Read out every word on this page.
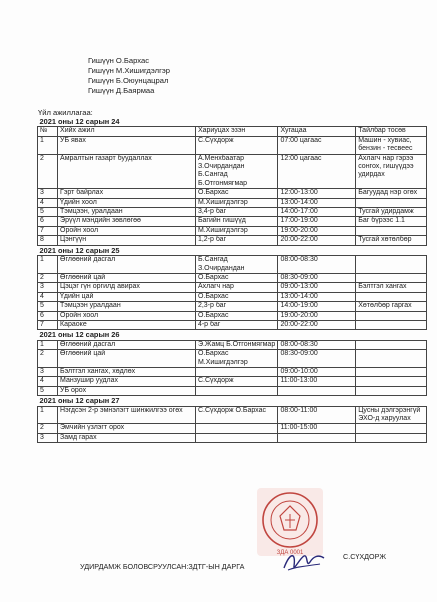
Гишүүн О.Бархас
Гишүүн М.Хишигдэлгэр
Гишүүн Б.Оюунцацрал
Гишүүн Д.Баярмаа
Үйл ажиллагаа:
2021 оны 12 сарын 24				
№	Хийх ажил	Хариуцах эзэн	Хугацаа	Тайлбар тосөв
1	УБ явах	С.Сүхдорж	07:00 цагаас	Машин - хувиас, бензин - тесвеес
2	Амралтын газарт буудаллах	А.Менхбаатар З.Очирдандан Б.Сангад Б.Отгонмягмар	12:00 цагаас	Ахлагч нар гэрээ сонгох, гишүүдээ удирдах
3	Гэрт байрлах	О.Бархас	12:00-13:00	Багуудад нэр огөх
4	Үдийн хоол	М.Хишигдэлгэр	13:00-14:00	
5	Тэмцээн, уралдаан	3,4-р баг	14:00-17:00	Тусгай удирдамж
6	Эрүүл мэндийн зөвлөгөө	Багийн гишүүд	17:00-19:00	Баг бүрээс 1.1
7	Оройн хоол	М.Хишигдэлгэр	19:00-20:00	
8	Цэнгүүн	1,2-р баг	20:00-22:00	Тусгай хөтөлбөр
2021 оны 12 сарын 25				
1	Өглөөний дасгал	Б.Сангад З.Очирдандан	08:00-08:30	
2	Өглөөний цай	О.Бархас	08:30-09:00	
3	Цэцэг гүн оргилд авирах	Ахлагч нар	09:00-13:00	Бэлтгэл хангах
4	Үдийн цай	О.Бархас	13:00-14:00	
5	Тэмцээн уралдаан	2,3-р баг	14:00-19:00	Хөтөлбөр гаргах
6	Оройн хоол	О.Бархас	19:00-20:00	
7	Караоке	4-р баг	20:00-22:00	
2021 оны 12 сарын 26				
1	Өглөөний дасгал	Э.Жамц Б.Отгонмягмар	08:00-08:30	
2	Өглөөний цай	О.Бархас М.Хишигдэлгэр	08:30-09:00	
3	Бэлтгэл хангах, хөдлөх		09:00-10:00	
4	Манзушир уудлах	С.Сүхдорж	11:00-13:00	
5	УБ орох			
2021 оны 12 сарын 27				
1	Нэгдсэн 2-р эмнэлэгт шинжилгээ огөх	С.Сүхдорж О.Бархас	08:00-11:00	Цусны дэлгэрэнгүй ЭХО-д харуулах
2	Эмчийн үзлэгт орох		11:00-15:00	
3	Замд гарах			
ЗДА 0001
УДИРДАМЖ БОЛОВСРУУЛСАН:ЗДТГ-ЫН ДАРГА
С.СҮХДОРЖ
